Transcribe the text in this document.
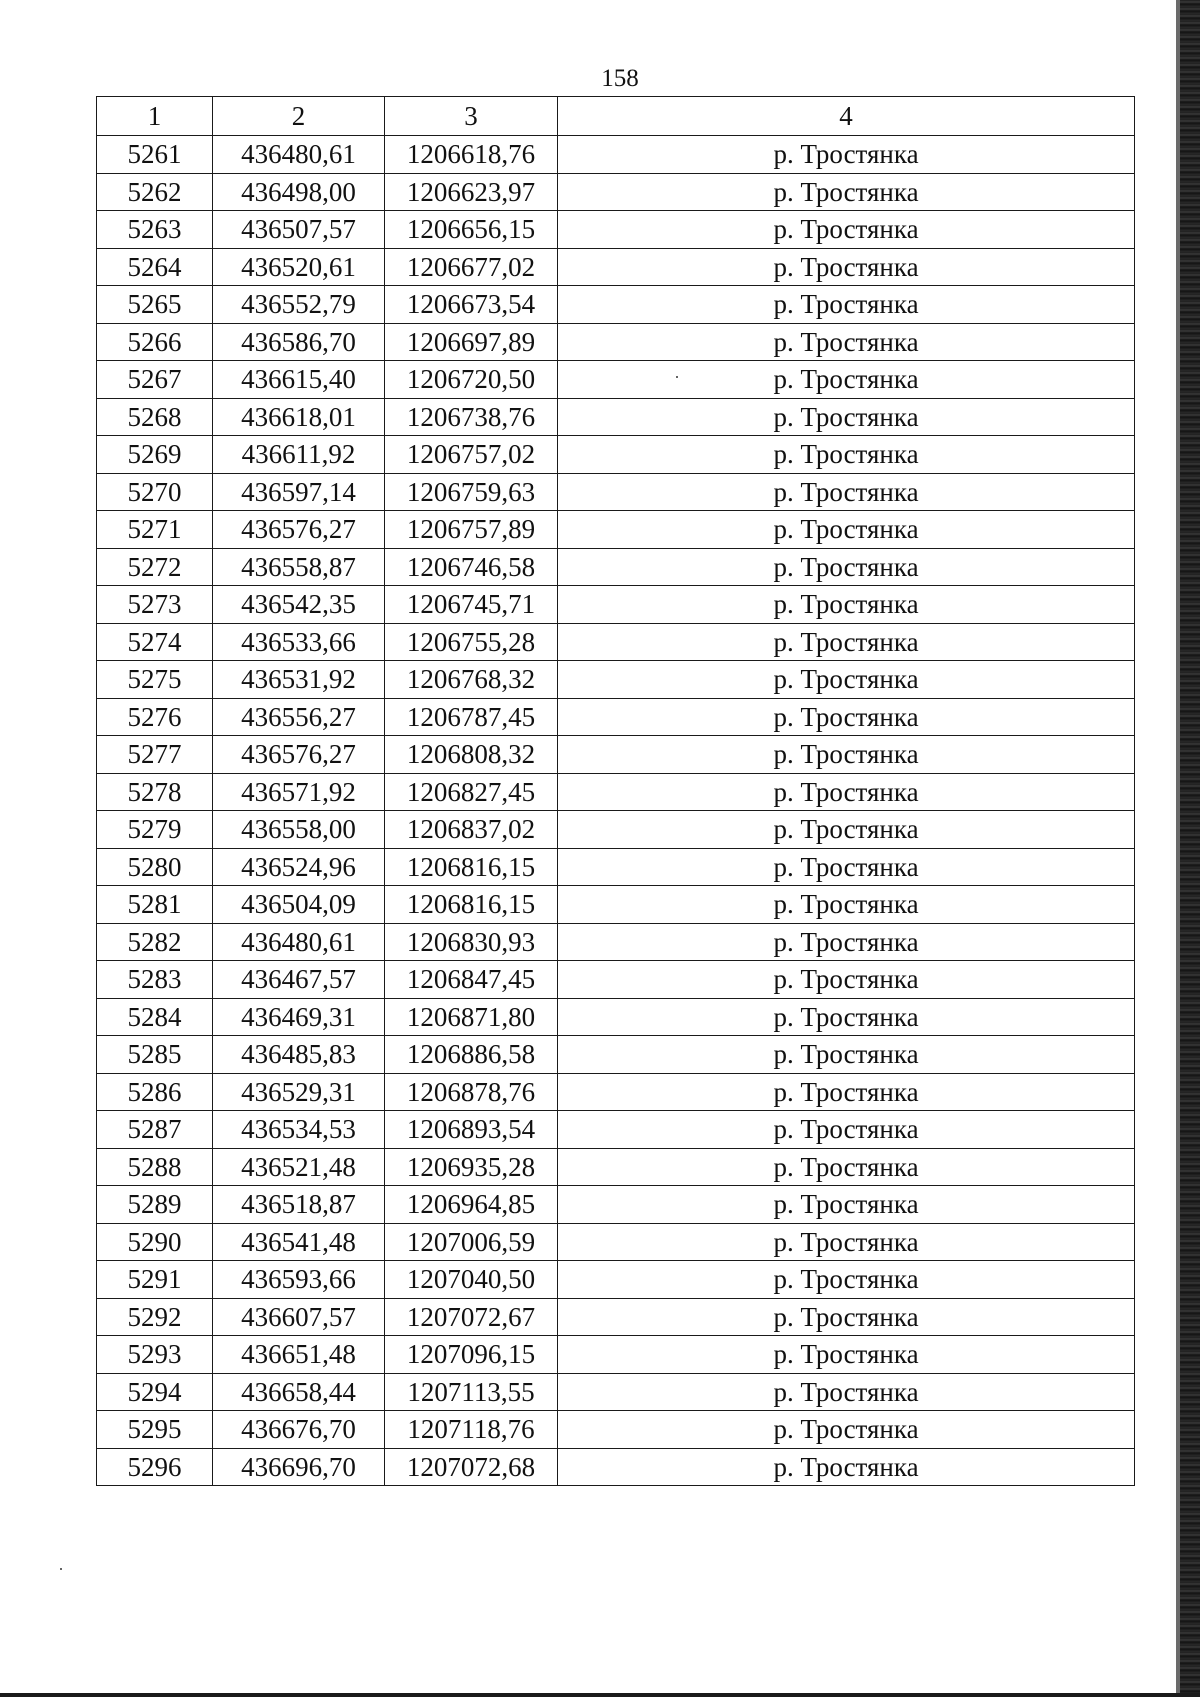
158
1	2	3	4
5261	436480,61	1206618,76	р. Тростянка
5262	436498,00	1206623,97	р. Тростянка
5263	436507,57	1206656,15	р. Тростянка
5264	436520,61	1206677,02	р. Тростянка
5265	436552,79	1206673,54	р. Тростянка
5266	436586,70	1206697,89	р. Тростянка
5267	436615,40	1206720,50	р. Тростянка
5268	436618,01	1206738,76	р. Тростянка
5269	436611,92	1206757,02	р. Тростянка
5270	436597,14	1206759,63	р. Тростянка
5271	436576,27	1206757,89	р. Тростянка
5272	436558,87	1206746,58	р. Тростянка
5273	436542,35	1206745,71	р. Тростянка
5274	436533,66	1206755,28	р. Тростянка
5275	436531,92	1206768,32	р. Тростянка
5276	436556,27	1206787,45	р. Тростянка
5277	436576,27	1206808,32	р. Тростянка
5278	436571,92	1206827,45	р. Тростянка
5279	436558,00	1206837,02	р. Тростянка
5280	436524,96	1206816,15	р. Тростянка
5281	436504,09	1206816,15	р. Тростянка
5282	436480,61	1206830,93	р. Тростянка
5283	436467,57	1206847,45	р. Тростянка
5284	436469,31	1206871,80	р. Тростянка
5285	436485,83	1206886,58	р. Тростянка
5286	436529,31	1206878,76	р. Тростянка
5287	436534,53	1206893,54	р. Тростянка
5288	436521,48	1206935,28	р. Тростянка
5289	436518,87	1206964,85	р. Тростянка
5290	436541,48	1207006,59	р. Тростянка
5291	436593,66	1207040,50	р. Тростянка
5292	436607,57	1207072,67	р. Тростянка
5293	436651,48	1207096,15	р. Тростянка
5294	436658,44	1207113,55	р. Тростянка
5295	436676,70	1207118,76	р. Тростянка
5296	436696,70	1207072,68	р. Тростянка
